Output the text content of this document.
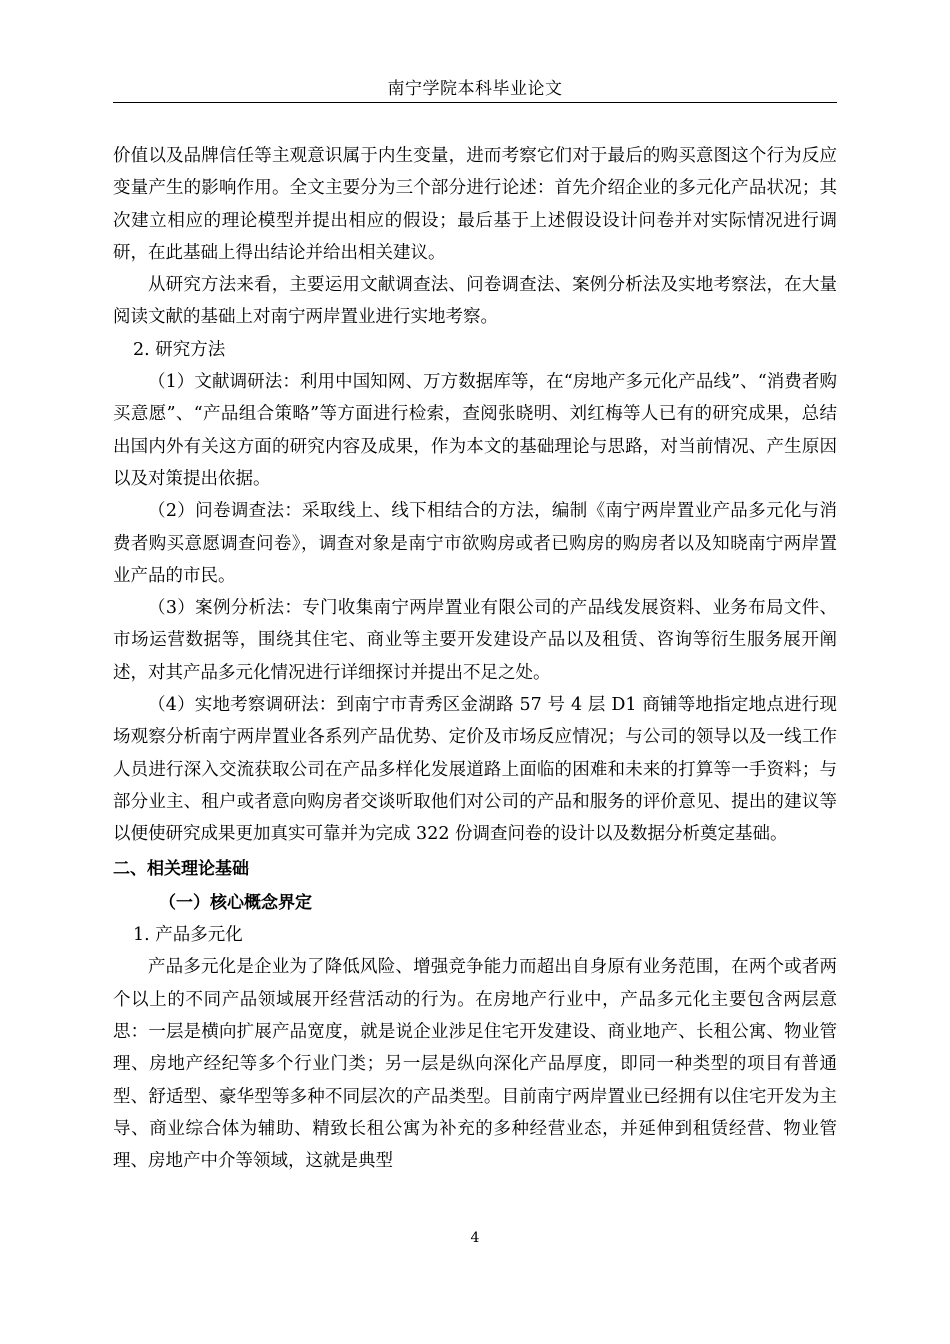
南宁学院本科毕业论文

价值以及品牌信任等主观意识属于内生变量，进而考察它们对于最后的购买意图这个行为反应变量产生的影响作用。全文主要分为三个部分进行论述：首先介绍企业的多元化产品状况；其次建立相应的理论模型并提出相应的假设；最后基于上述假设设计问卷并对实际情况进行调研，在此基础上得出结论并给出相关建议。

从研究方法来看，主要运用文献调查法、问卷调查法、案例分析法及实地考察法，在大量阅读文献的基础上对南宁两岸置业进行实地考察。

2. 研究方法

（1）文献调研法：利用中国知网、万方数据库等，在“房地产多元化产品线”、“消费者购买意愿”、“产品组合策略”等方面进行检索，查阅张晓明、刘红梅等人已有的研究成果，总结出国内外有关这方面的研究内容及成果，作为本文的基础理论与思路，对当前情况、产生原因以及对策提出依据。

（2）问卷调查法：采取线上、线下相结合的方法，编制《南宁两岸置业产品多元化与消费者购买意愿调查问卷》，调查对象是南宁市欲购房或者已购房的购房者以及知晓南宁两岸置业产品的市民。

（3）案例分析法：专门收集南宁两岸置业有限公司的产品线发展资料、业务布局文件、市场运营数据等，围绕其住宅、商业等主要开发建设产品以及租赁、咨询等衍生服务展开阐述，对其产品多元化情况进行详细探讨并提出不足之处。

（4）实地考察调研法：到南宁市青秀区金湖路 57 号 4 层 D1 商铺等地指定地点进行现场观察分析南宁两岸置业各系列产品优势、定价及市场反应情况；与公司的领导以及一线工作人员进行深入交流获取公司在产品多样化发展道路上面临的困难和未来的打算等一手资料；与部分业主、租户或者意向购房者交谈听取他们对公司的产品和服务的评价意见、提出的建议等以便使研究成果更加真实可靠并为完成 322 份调查问卷的设计以及数据分析奠定基础。

二、相关理论基础

（一）核心概念界定

1. 产品多元化

产品多元化是企业为了降低风险、增强竞争能力而超出自身原有业务范围，在两个或者两个以上的不同产品领域展开经营活动的行为。在房地产行业中，产品多元化主要包含两层意思：一层是横向扩展产品宽度，就是说企业涉足住宅开发建设、商业地产、长租公寓、物业管理、房地产经纪等多个行业门类；另一层是纵向深化产品厚度，即同一种类型的项目有普通型、舒适型、豪华型等多种不同层次的产品类型。目前南宁两岸置业已经拥有以住宅开发为主导、商业综合体为辅助、精致长租公寓为补充的多种经营业态，并延伸到租赁经营、物业管理、房地产中介等领域，这就是典型

4
